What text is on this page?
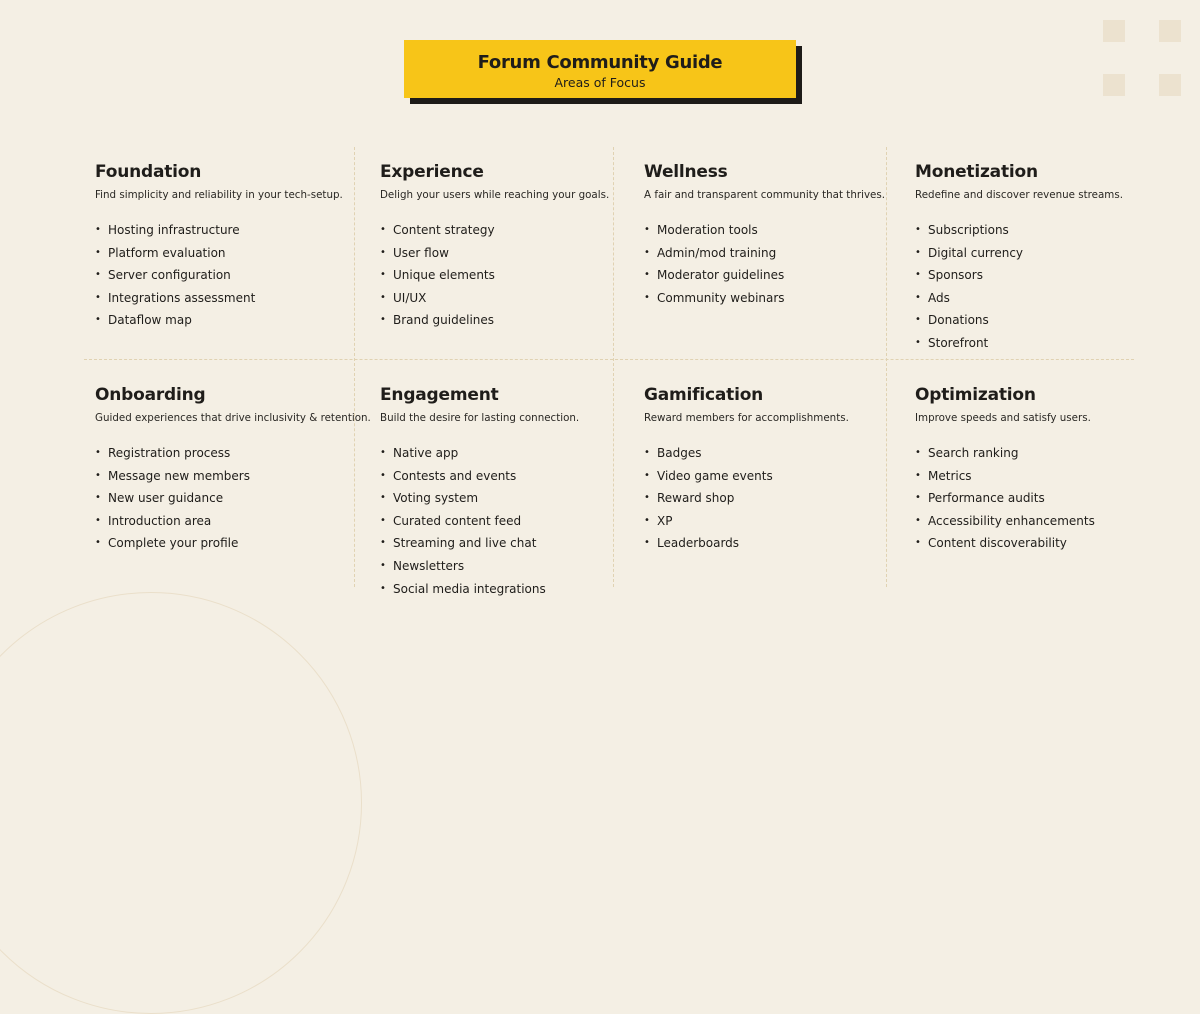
Forum Community Guide
Areas of Focus
Foundation
Find simplicity and reliability in your tech-setup.
• Hosting infrastructure
• Platform evaluation
• Server configuration
• Integrations assessment
• Dataflow map
Experience
Deligh your users while reaching your goals.
• Content strategy
• User flow
• Unique elements
• UI/UX
• Brand guidelines
Wellness
A fair and transparent community that thrives.
• Moderation tools
• Admin/mod training
• Moderator guidelines
• Community webinars
Monetization
Redefine and discover revenue streams.
• Subscriptions
• Digital currency
• Sponsors
• Ads
• Donations
• Storefront
Onboarding
Guided experiences that drive inclusivity & retention.
• Registration process
• Message new members
• New user guidance
• Introduction area
• Complete your profile
Engagement
Build the desire for lasting connection.
• Native app
• Contests and events
• Voting system
• Curated content feed
• Streaming and live chat
• Newsletters
• Social media integrations
Gamification
Reward members for accomplishments.
• Badges
• Video game events
• Reward shop
• XP
• Leaderboards
Optimization
Improve speeds and satisfy users.
• Search ranking
• Metrics
• Performance audits
• Accessibility enhancements
• Content discoverability
